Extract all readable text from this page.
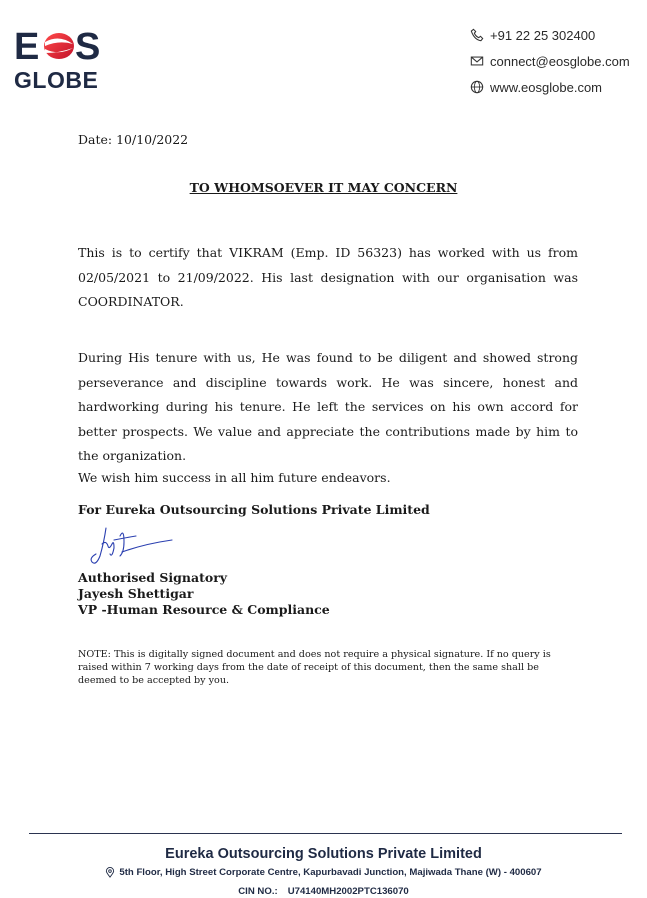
E S
GLOBE
+91 22 25 302400
connect@eosglobe.com
www.eosglobe.com
Date: 10/10/2022
TO WHOMSOEVER IT MAY CONCERN
This is to certify that VIKRAM (Emp. ID 56323) has worked with us from 02/05/2021 to 21/09/2022. His last designation with our organisation was COORDINATOR.
During His tenure with us, He was found to be diligent and showed strong perseverance and discipline towards work. He was sincere, honest and hardworking during his tenure. He left the services on his own accord for better prospects. We value and appreciate the contributions made by him to the organization.
We wish him success in all him future endeavors.
For Eureka Outsourcing Solutions Private Limited
Authorised Signatory
Jayesh Shettigar
VP -Human Resource & Compliance
NOTE: This is digitally signed document and does not require a physical signature. If no query is raised within 7 working days from the date of receipt of this document, then the same shall be deemed to be accepted by you.
Eureka Outsourcing Solutions Private Limited
5th Floor, High Street Corporate Centre, Kapurbavadi Junction, Majiwada Thane (W) - 400607
CIN NO.: U74140MH2002PTC136070
